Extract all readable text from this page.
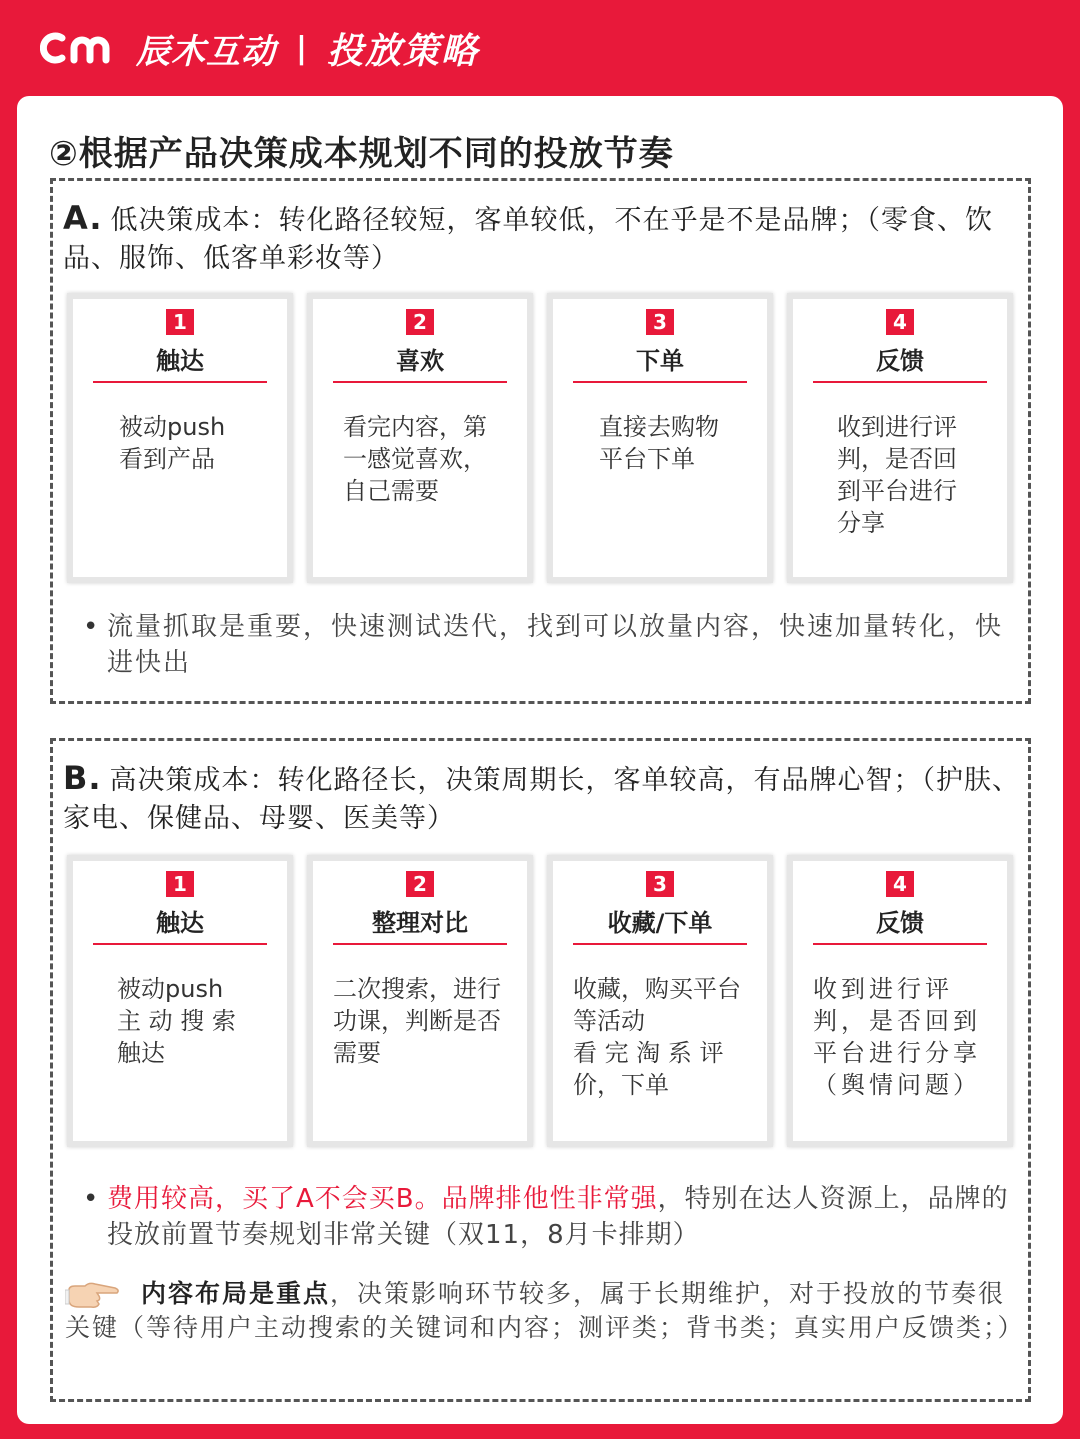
辰木互动 | 投放策略
②根据产品决策成本规划不同的投放节奏
A. 低决策成本：转化路径较短，客单较低，不在乎是不是品牌；（零食、饮品、服饰、低客单彩妆等）
1
触达
被动push
看到产品
2
喜欢
看完内容，第一感觉喜欢，自己需要
3
下单
直接去购物
平台下单
4
反馈
收到进行评判，是否回到平台进行分享
• 流量抓取是重要，快速测试迭代，找到可以放量内容，快速加量转化，快进快出
B. 高决策成本：转化路径长，决策周期长，客单较高，有品牌心智；（护肤、家电、保健品、母婴、医美等）
1
触达
被动push
主 动 搜 索
触达
2
整理对比
二次搜索，进行功课，判断是否需要
3
收藏/下单
收藏，购买平台等活动
看 完 淘 系 评价，下单
4
反馈
收到进行评判，是否回到平台进行分享（舆情问题）
• 费用较高，买了A不会买B。品牌排他性非常强，特别在达人资源上，品牌的投放前置节奏规划非常关键（双11，8月卡排期）
内容布局是重点，决策影响环节较多，属于长期维护，对于投放的节奏很关键（等待用户主动搜索的关键词和内容；测评类；背书类；真实用户反馈类；）
